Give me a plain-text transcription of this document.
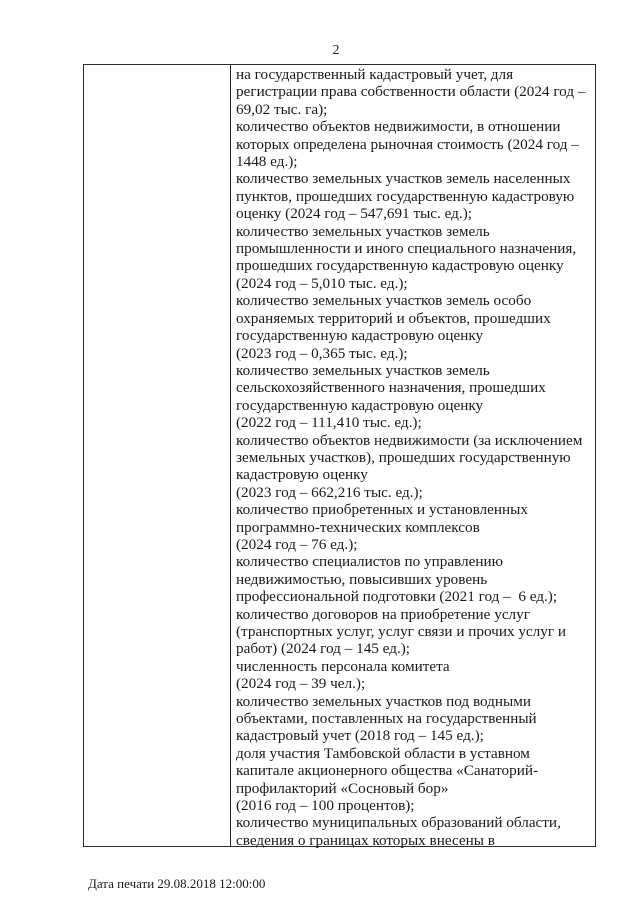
2
на государственный кадастровый учет, для
регистрации права собственности области (2024 год –
69,02 тыс. га);
количество объектов недвижимости, в отношении
которых определена рыночная стоимость (2024 год –
1448 ед.);
количество земельных участков земель населенных
пунктов, прошедших государственную кадастровую
оценку (2024 год – 547,691 тыс. ед.);
количество земельных участков земель
промышленности и иного специального назначения,
прошедших государственную кадастровую оценку
(2024 год – 5,010 тыс. ед.);
количество земельных участков земель особо
охраняемых территорий и объектов, прошедших
государственную кадастровую оценку
(2023 год – 0,365 тыс. ед.);
количество земельных участков земель
сельскохозяйственного назначения, прошедших
государственную кадастровую оценку
(2022 год – 111,410 тыс. ед.);
количество объектов недвижимости (за исключением
земельных участков), прошедших государственную
кадастровую оценку
(2023 год – 662,216 тыс. ед.);
количество приобретенных и установленных
программно-технических комплексов
(2024 год – 76 ед.);
количество специалистов по управлению
недвижимостью, повысивших уровень
профессиональной подготовки (2021 год –  6 ед.);
количество договоров на приобретение услуг
(транспортных услуг, услуг связи и прочих услуг и
работ) (2024 год – 145 ед.);
численность персонала комитета
(2024 год – 39 чел.);
количество земельных участков под водными
объектами, поставленных на государственный
кадастровый учет (2018 год – 145 ед.);
доля участия Тамбовской области в уставном
капитале акционерного общества «Санаторий-
профилакторий «Сосновый бор»
(2016 год – 100 процентов);
количество муниципальных образований области,
сведения о границах которых внесены в
Дата печати 29.08.2018 12:00:00
